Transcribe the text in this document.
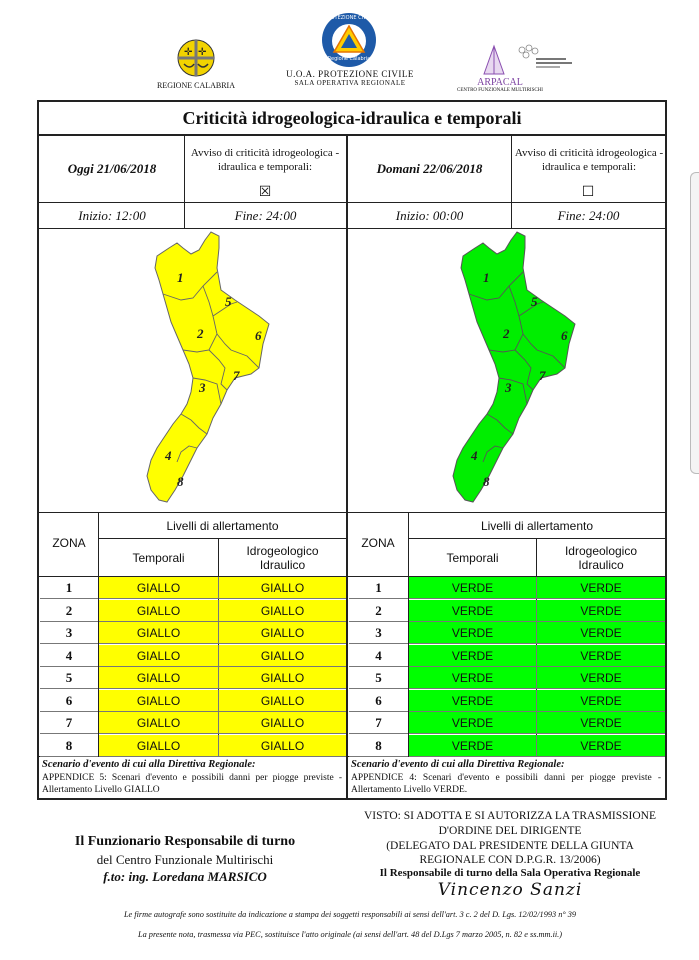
✛ ✛
REGIONE CALABRIA
PROTEZIONE CIVILE
Regione Calabria
U.O.A. PROTEZIONE CIVILE
SALA OPERATIVA REGIONALE	ARPACAL
CENTRO FUNZIONALE MULTIRISCHI
Criticità idrogeologica-idraulica e temporali
Oggi 21/06/2018
Avviso di criticità idrogeologica - idraulica e temporali:
☒
Inizio: 12:00	Fine: 24:00
Domani 22/06/2018
Avviso di criticità idrogeologica - idraulica e temporali:
☐
Inizio: 00:00	Fine: 24:00
1
2
3
4
5
6
7
8
1
2
3
4
5
6
7
8
ZONA
Livelli di allertamento
Temporali	Idrogeologico Idraulico
1	GIALLO	GIALLO
2	GIALLO	GIALLO
3	GIALLO	GIALLO
4	GIALLO	GIALLO
5	GIALLO	GIALLO
6	GIALLO	GIALLO
7	GIALLO	GIALLO
8	GIALLO	GIALLO
ZONA
Livelli di allertamento
Temporali	Idrogeologico Idraulico
1	VERDE	VERDE
2	VERDE	VERDE
3	VERDE	VERDE
4	VERDE	VERDE
5	VERDE	VERDE
6	VERDE	VERDE
7	VERDE	VERDE
8	VERDE	VERDE
Scenario d'evento di cui alla Direttiva Regionale:
APPENDICE 5: Scenari d'evento e possibili danni per piogge previste - Allertamento Livello GIALLO
Scenario d'evento di cui alla Direttiva Regionale:
APPENDICE 4: Scenari d'evento e possibili danni per piogge previste - Allertamento Livello VERDE.
Il Funzionario Responsabile di turno
del Centro Funzionale Multirischi
f.to: ing. Loredana MARSICO
VISTO: SI ADOTTA E SI AUTORIZZA LA TRASMISSIONE
D'ORDINE DEL DIRIGENTE
(DELEGATO DAL PRESIDENTE DELLA GIUNTA
REGIONALE CON D.P.G.R. 13/2006)
Il Responsabile di turno della Sala Operativa Regionale
Vincenzo Sanzi
Le firme autografe sono sostituite da indicazione a stampa dei soggetti responsabili ai sensi dell'art. 3 c. 2 del D. Lgs. 12/02/1993 n° 39
La presente nota, trasmessa via PEC, sostituisce l'atto originale (ai sensi dell'art. 48 del D.Lgs 7 marzo 2005, n. 82 e ss.mm.ii.)
